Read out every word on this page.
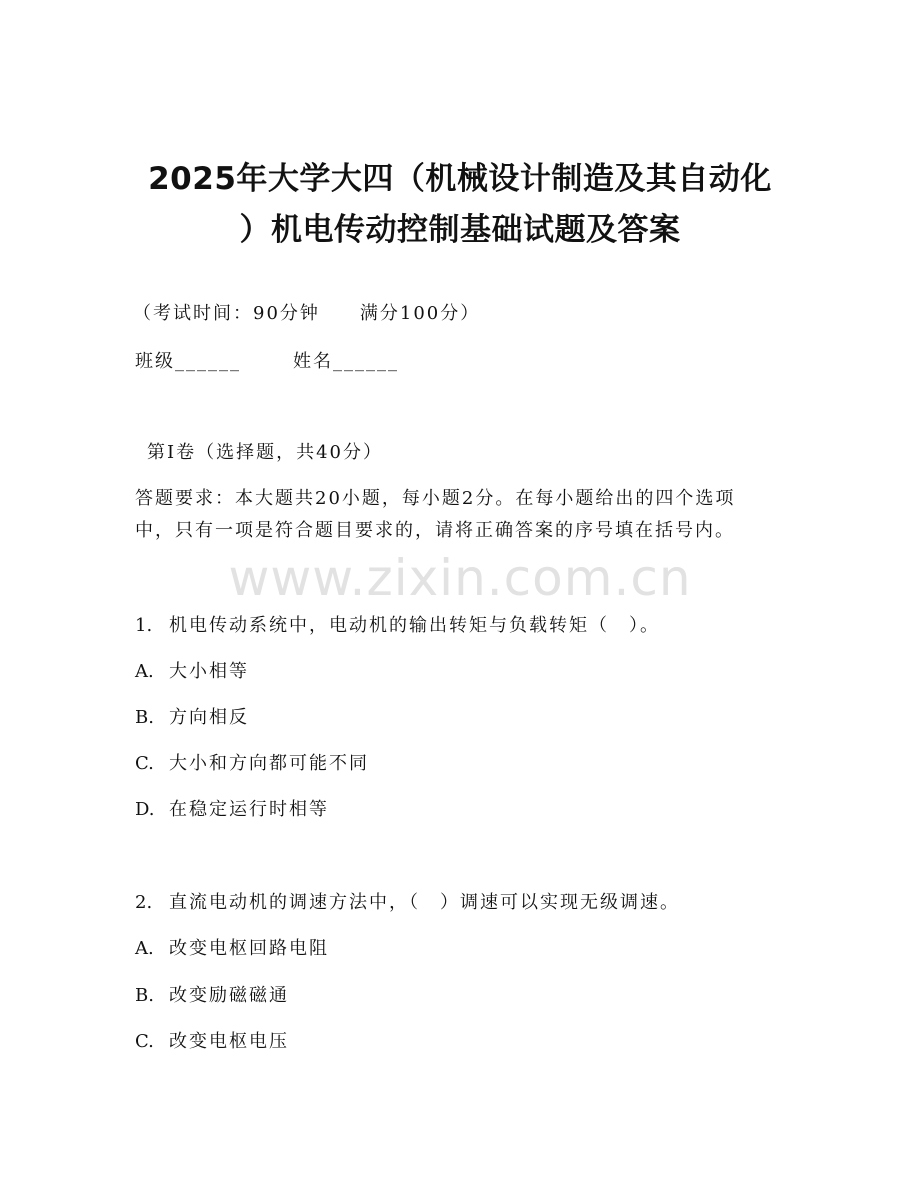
2025年大学大四（机械设计制造及其自动化
）机电传动控制基础试题及答案
（考试时间：90分钟　　满分100分）
班级______	姓名______
第I卷（选择题，共40分）
答题要求：本大题共20小题，每小题2分。在每小题给出的四个选项
中，只有一项是符合题目要求的，请将正确答案的序号填在括号内。
www.zixin.com.cn
1. 机电传动系统中，电动机的输出转矩与负载转矩（　）。
A. 大小相等
B. 方向相反
C. 大小和方向都可能不同
D. 在稳定运行时相等
2. 直流电动机的调速方法中，（　）调速可以实现无级调速。
A. 改变电枢回路电阻
B. 改变励磁磁通
C. 改变电枢电压
